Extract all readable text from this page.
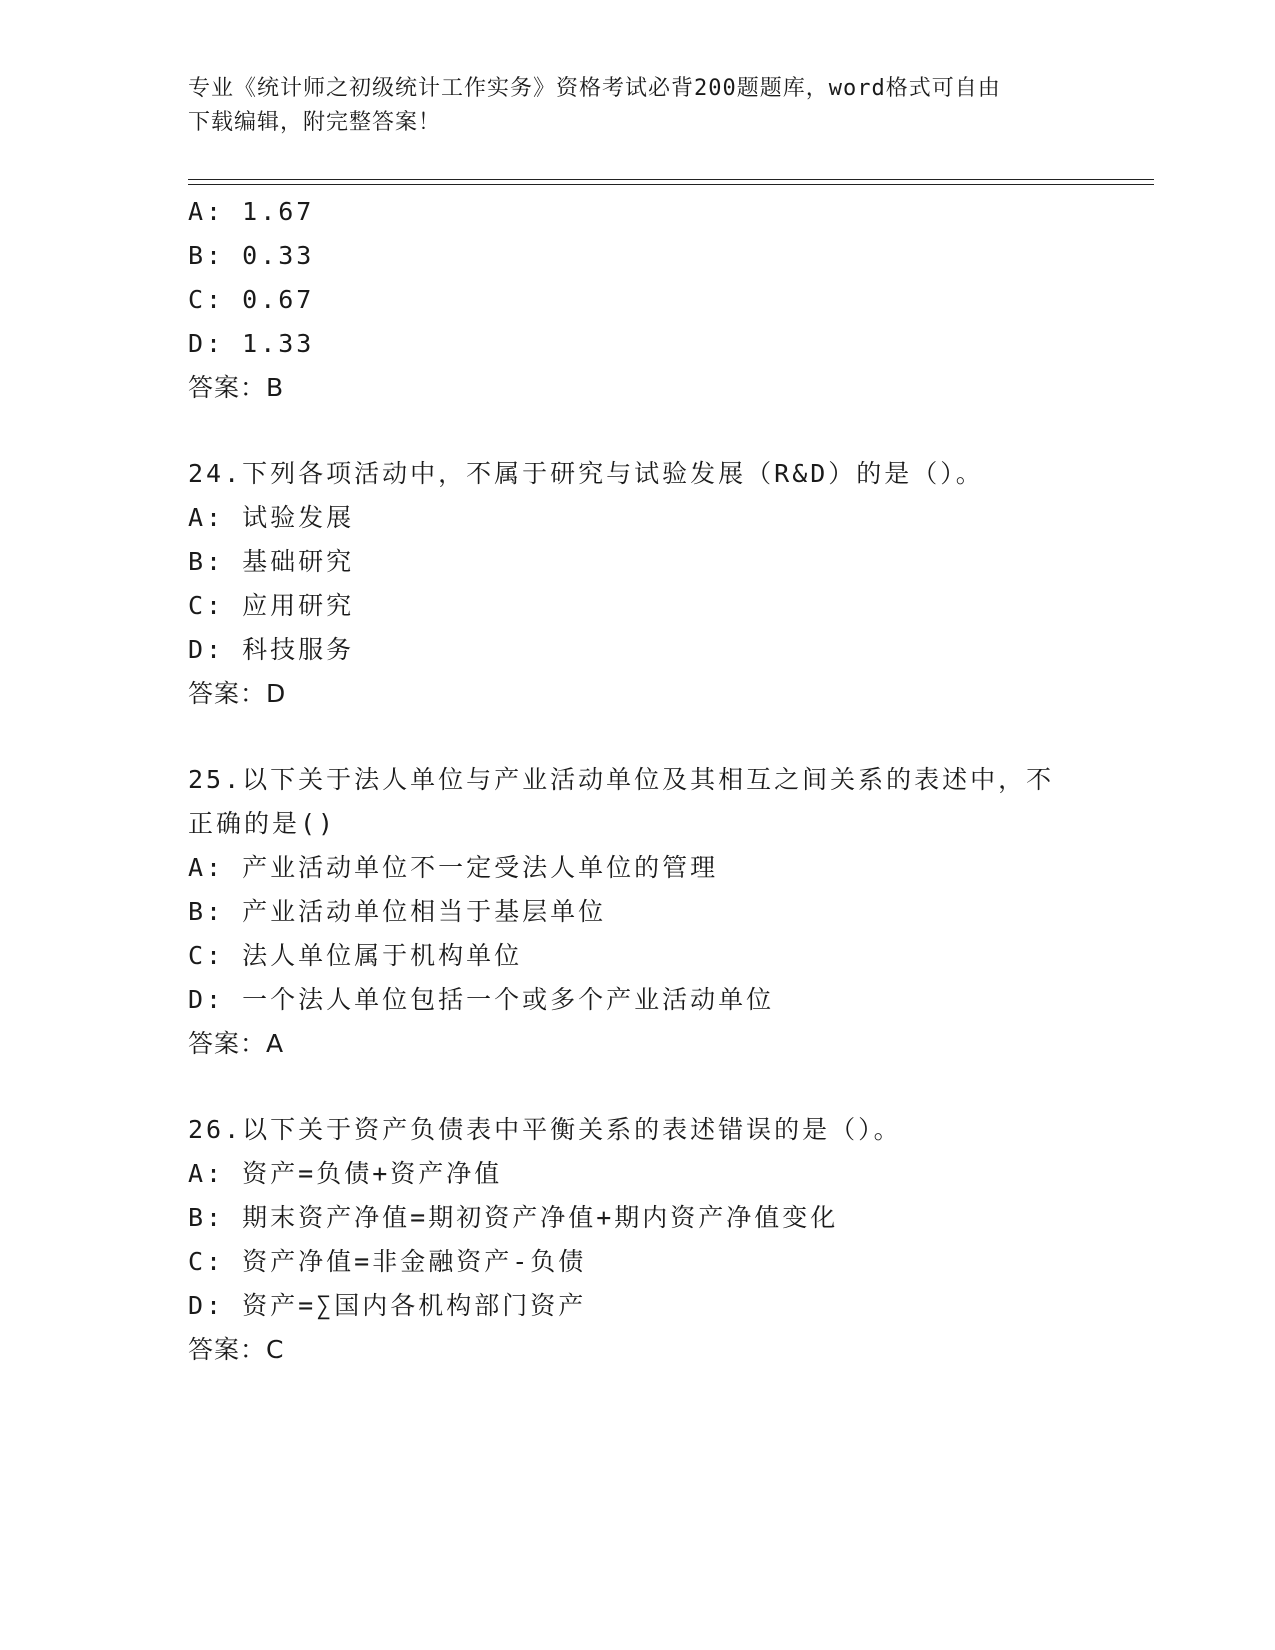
专业《统计师之初级统计工作实务》资格考试必背200题题库，word格式可自由
下载编辑，附完整答案！
A: 1.67
B: 0.33
C: 0.67
D: 1.33
答案：B
24.下列各项活动中，不属于研究与试验发展（R&D）的是（）。
A: 试验发展
B: 基础研究
C: 应用研究
D: 科技服务
答案：D
25.以下关于法人单位与产业活动单位及其相互之间关系的表述中，不
正确的是()
A: 产业活动单位不一定受法人单位的管理
B: 产业活动单位相当于基层单位
C: 法人单位属于机构单位
D: 一个法人单位包括一个或多个产业活动单位
答案：A
26.以下关于资产负债表中平衡关系的表述错误的是（）。
A: 资产=负债+资产净值
B: 期末资产净值=期初资产净值+期内资产净值变化
C: 资产净值=非金融资产-负债
D: 资产=∑国内各机构部门资产
答案：C
